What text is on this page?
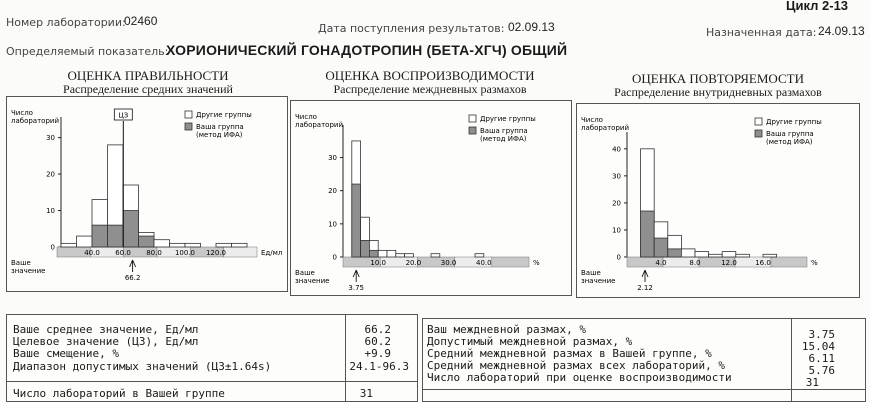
Номер лаборатории:
02460
Дата поступления результатов: 02.09.13
Цикл 2-13
Назначенная дата: 24.09.13
Определяемый показатель:
ХОРИОНИЧЕСКИЙ ГОНАДОТРОПИН (БЕТА-ХГЧ) ОБЩИЙ
ОЦЕНКА ПРАВИЛЬНОСТИ
Распределение средних значений
ОЦЕНКА ВОСПРОИЗВОДИМОСТИ
Распределение междневных размахов
ОЦЕНКА ПОВТОРЯЕМОСТИ
Распределение внутридневных размахов
Число лабораторий
0
10
20
30
40.0 60.0 80.0 100.0 120.0	Ед/мл
ЦЗ
Ваше значение
66.2
Другие группы
Ваша группа (метод ИФА)
Число лабораторий
0
10
20
30
10.0	20.0	30.0	40.0	%
Ваше значение
3.75
Другие группы
Ваша группа (метод ИФА)
Число лабораторий
0
10
20
30
40
4.0	8.0	12.0	16.0	%
Ваше значение
2.12
Другие группы
Ваша группа (метод ИФА)
Ваше среднее значение, Ед/мл	66.2
Целевое значение (ЦЗ), Ед/мл	60.2
Ваше смещение, %	+9.9
Диапазон допустимых значений (ЦЗ±1.64s)	24.1-96.3
Число лабораторий в Вашей группе	31
Ваш междневной размах, %	3.75
Допустимый междневной размах, %	15.04
Средний междневной размах в Вашей группе, %	6.11
Средний междневной размах всех лабораторий, %	5.76
Число лабораторий при оценке воспроизводимости	31
